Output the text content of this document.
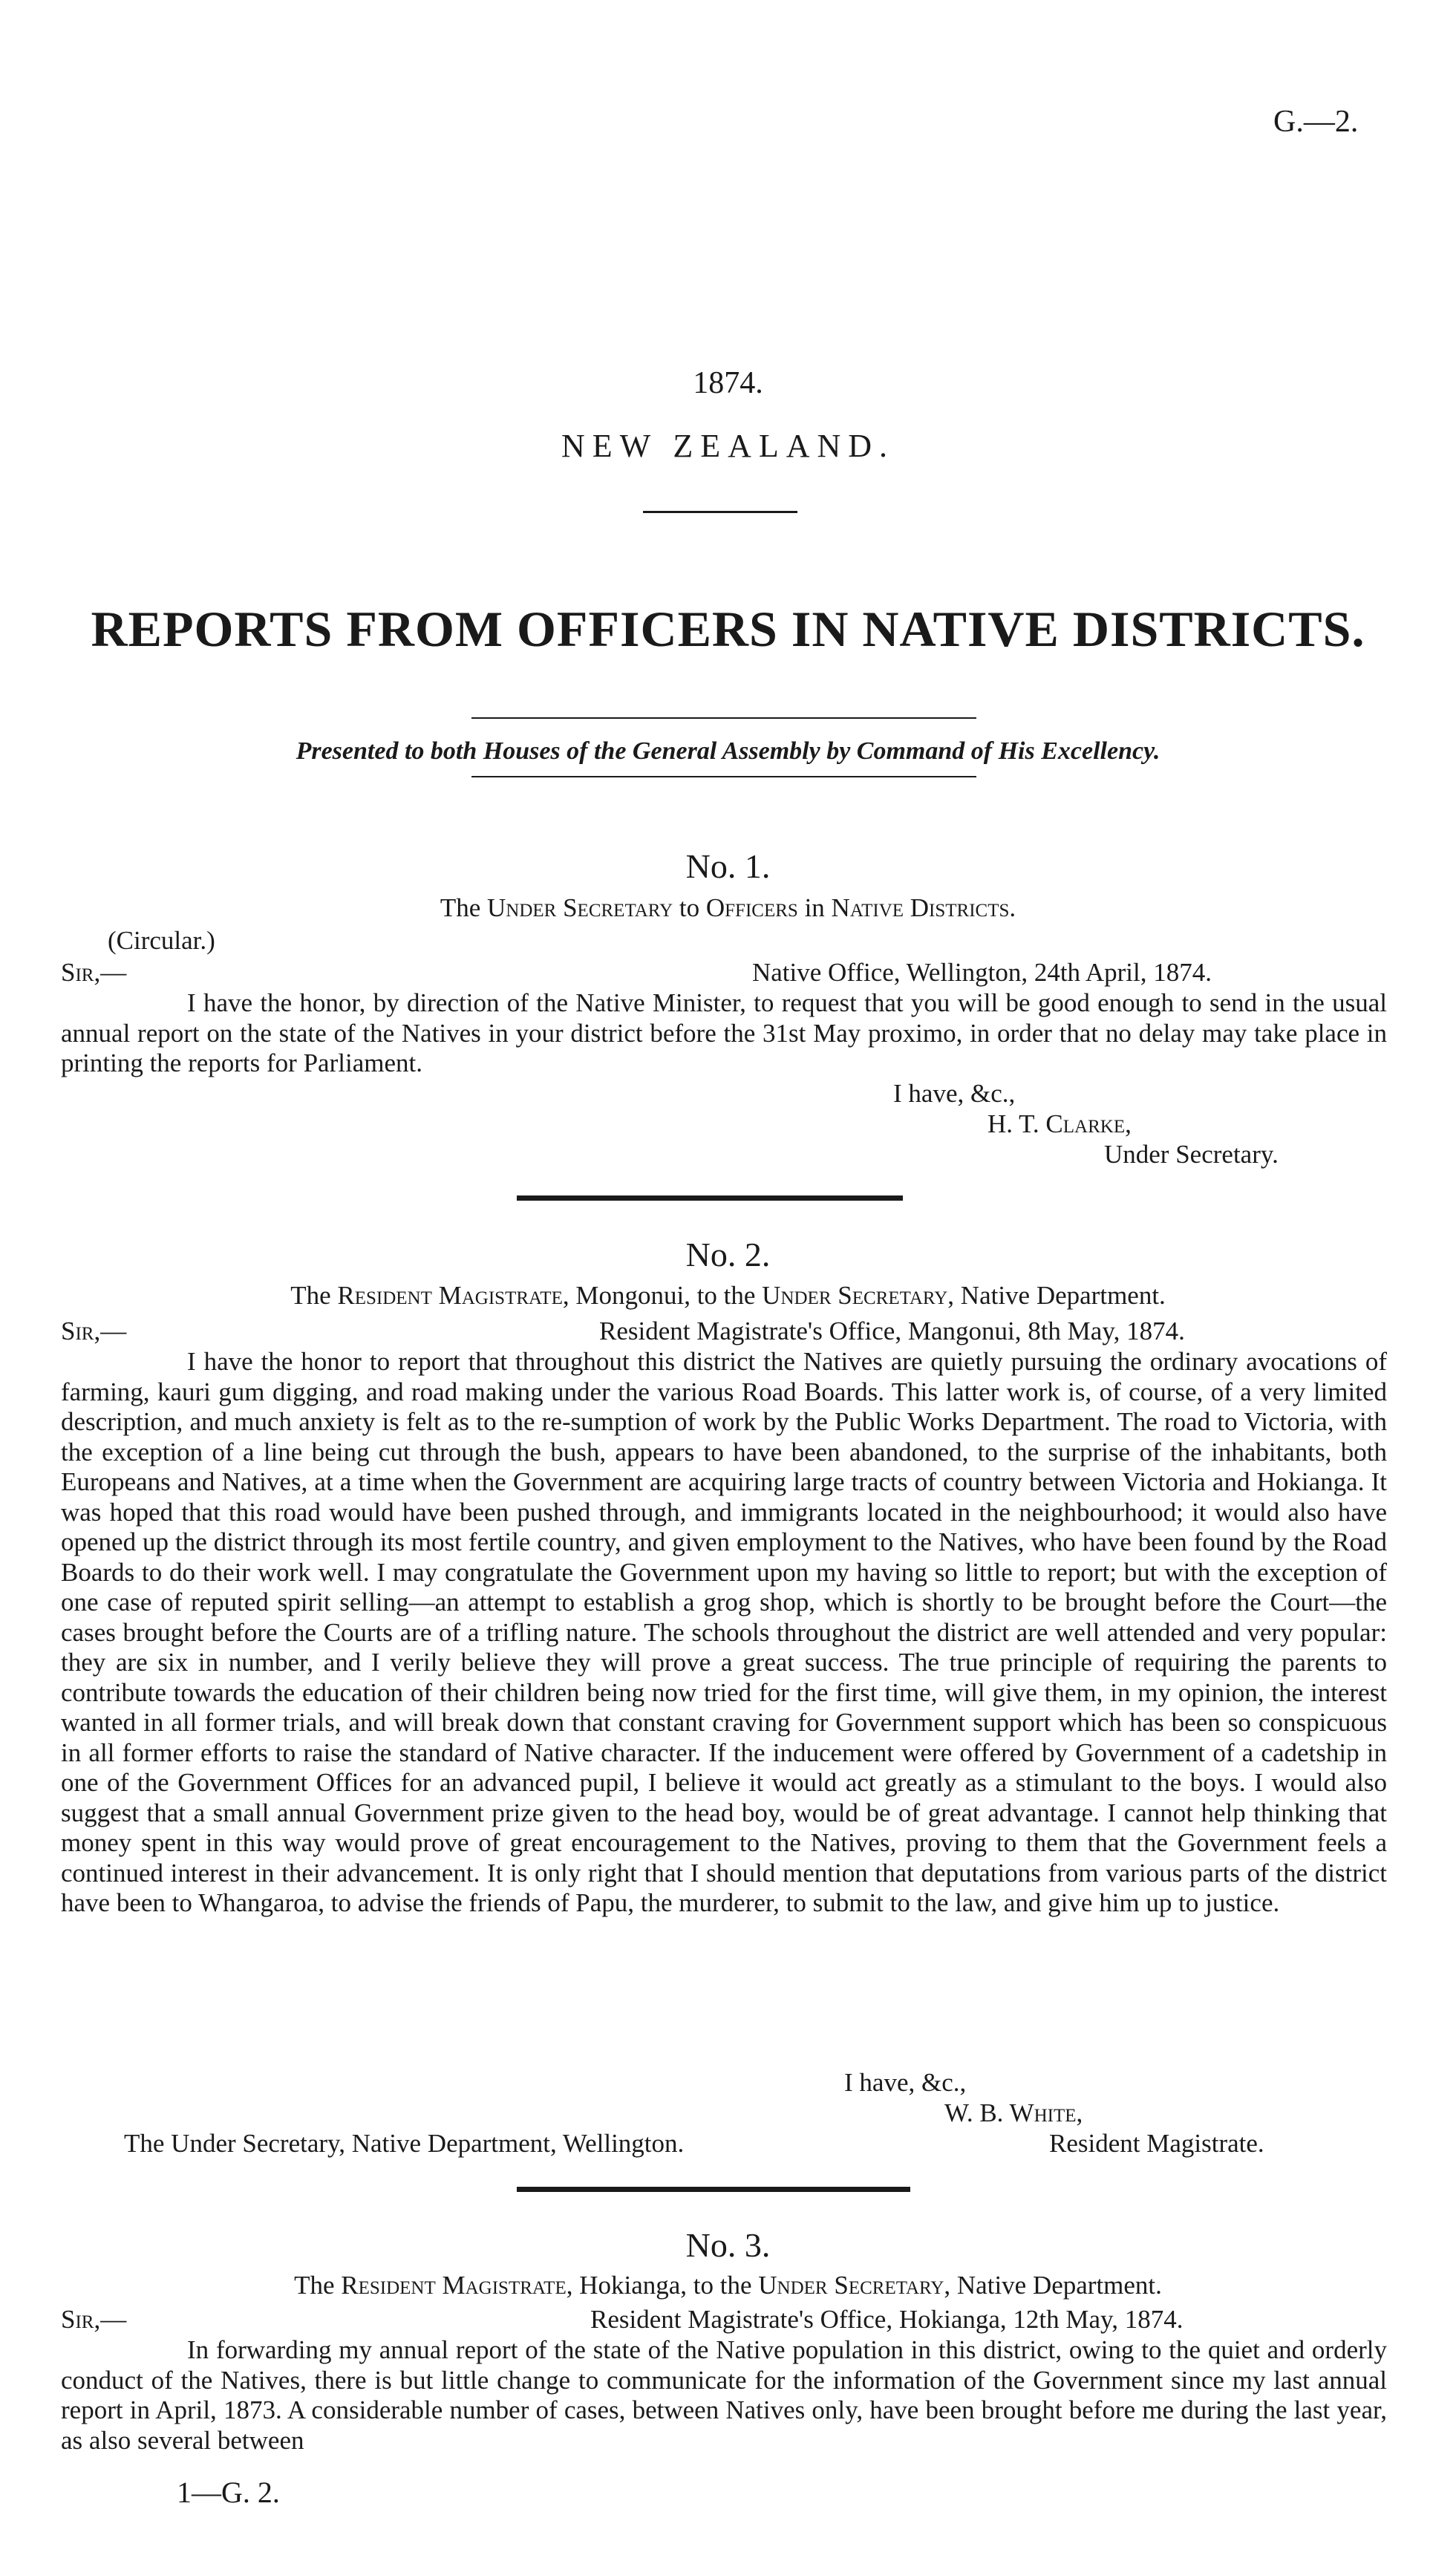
G.—2.
1874.
NEW ZEALAND.
REPORTS FROM OFFICERS IN NATIVE DISTRICTS.
Presented to both Houses of the General Assembly by Command of His Excellency.
No. 1.
The Under Secretary to Officers in Native Districts.
(Circular.)
Sir,—	Native Office, Wellington, 24th April, 1874.
I have the honor, by direction of the Native Minister, to request that you will be good enough to send in the usual annual report on the state of the Natives in your district before the 31st May proximo, in order that no delay may take place in printing the reports for Parliament.
I have, &c.,
H. T. Clarke,
Under Secretary.
No. 2.
The Resident Magistrate, Mongonui, to the Under Secretary, Native Department.
Sir,—	Resident Magistrate's Office, Mangonui, 8th May, 1874.
I have the honor to report that throughout this district the Natives are quietly pursuing the ordinary avocations of farming, kauri gum digging, and road making under the various Road Boards. This latter work is, of course, of a very limited description, and much anxiety is felt as to the re-sumption of work by the Public Works Department. The road to Victoria, with the exception of a line being cut through the bush, appears to have been abandoned, to the surprise of the inhabitants, both Europeans and Natives, at a time when the Government are acquiring large tracts of country between Victoria and Hokianga. It was hoped that this road would have been pushed through, and immigrants located in the neighbourhood; it would also have opened up the district through its most fertile country, and given employment to the Natives, who have been found by the Road Boards to do their work well. I may congratulate the Government upon my having so little to report; but with the exception of one case of reputed spirit selling—an attempt to establish a grog shop, which is shortly to be brought before the Court—the cases brought before the Courts are of a trifling nature. The schools throughout the district are well attended and very popular: they are six in number, and I verily believe they will prove a great success. The true principle of requiring the parents to contribute towards the education of their children being now tried for the first time, will give them, in my opinion, the interest wanted in all former trials, and will break down that constant craving for Government support which has been so conspicuous in all former efforts to raise the standard of Native character. If the inducement were offered by Government of a cadetship in one of the Government Offices for an advanced pupil, I believe it would act greatly as a stimulant to the boys. I would also suggest that a small annual Government prize given to the head boy, would be of great advantage. I cannot help thinking that money spent in this way would prove of great encouragement to the Natives, proving to them that the Government feels a continued interest in their advancement. It is only right that I should mention that deputations from various parts of the district have been to Whangaroa, to advise the friends of Papu, the murderer, to submit to the law, and give him up to justice.
I have, &c.,
W. B. White,
The Under Secretary, Native Department, Wellington.	Resident Magistrate.
No. 3.
The Resident Magistrate, Hokianga, to the Under Secretary, Native Department.
Sir,—	Resident Magistrate's Office, Hokianga, 12th May, 1874.
In forwarding my annual report of the state of the Native population in this district, owing to the quiet and orderly conduct of the Natives, there is but little change to communicate for the information of the Government since my last annual report in April, 1873. A considerable number of cases, between Natives only, have been brought before me during the last year, as also several between
1—G. 2.
